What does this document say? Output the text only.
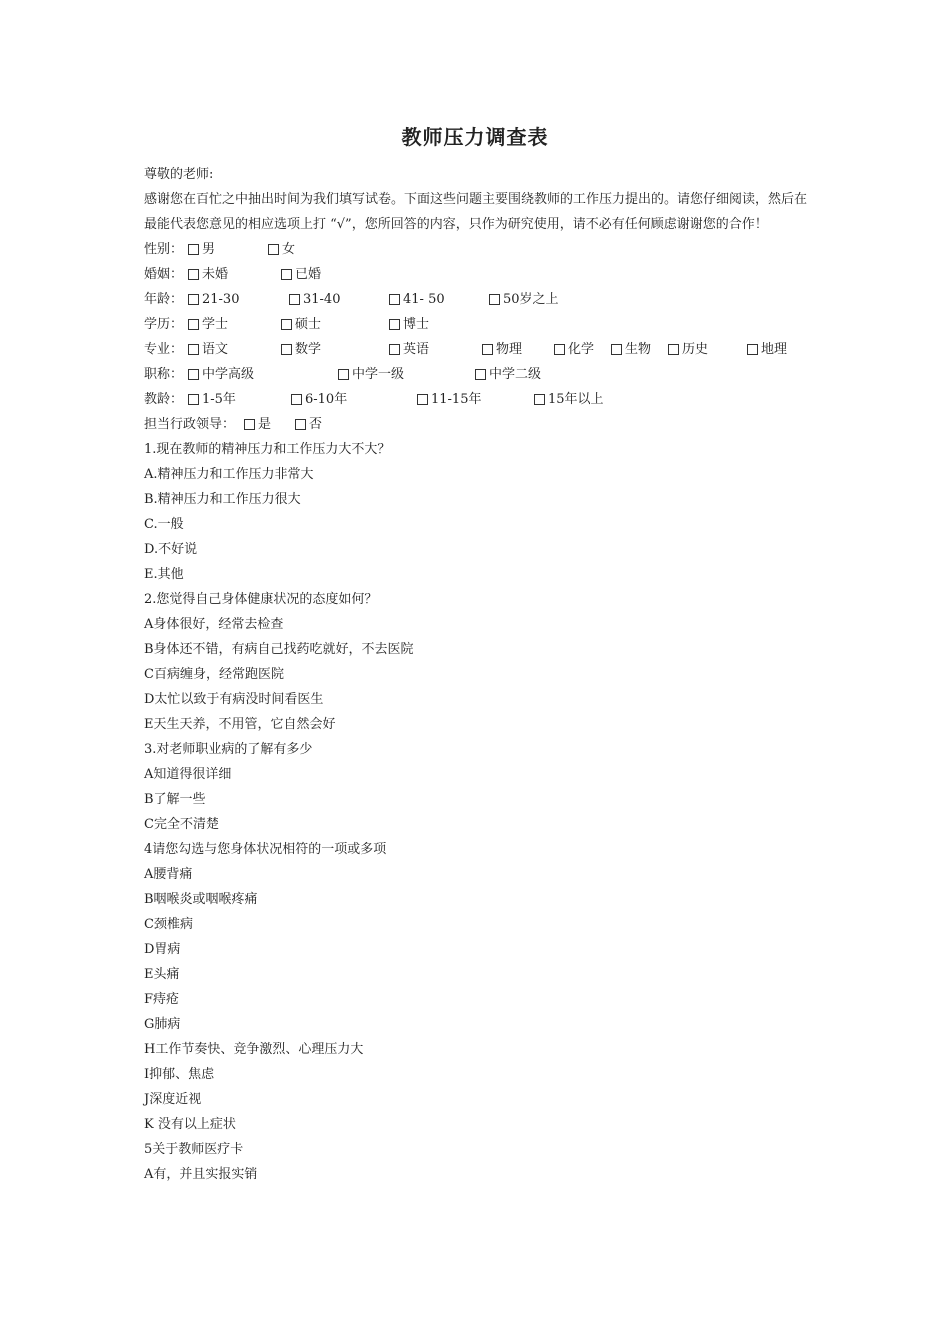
教师压力调查表
尊敬的老师:
感谢您在百忙之中抽出时间为我们填写试卷。下面这些问题主要围绕教师的工作压力提出的。请您仔细阅读，然后在最能代表您意见的相应选项上打 “√”，您所回答的内容，只作为研究使用，请不必有任何顾虑谢谢您的合作！
性别：	男	女
婚姻：	未婚	已婚
年龄：	21-30	31-40	41- 50	50岁之上
学历：	学士	硕士	博士
专业：	语文	数学	英语	物理	化学 生物 历史	地理
职称：	中学高级	中学一级	中学二级
教龄：	1-5年	6-10年	11-15年	15年以上
担当行政领导：	是	否
1.现在教师的精神压力和工作压力大不大？
A.精神压力和工作压力非常大
B.精神压力和工作压力很大
C.一般
D.不好说
E.其他
2.您觉得自己身体健康状况的态度如何？
A身体很好，经常去检查
B身体还不错，有病自己找药吃就好，不去医院
C百病缠身，经常跑医院
D太忙以致于有病没时间看医生
E天生天养，不用管，它自然会好
3.对老师职业病的了解有多少
A知道得很详细
B了解一些
C完全不清楚
4请您勾选与您身体状况相符的一项或多项
A腰背痛
B咽喉炎或咽喉疼痛
C颈椎病
D胃病
E头痛
F痔疮
G肺病
H工作节奏快、竞争激烈、心理压力大
I抑郁、焦虑
J深度近视
K 没有以上症状
5关于教师医疗卡
A有，并且实报实销
